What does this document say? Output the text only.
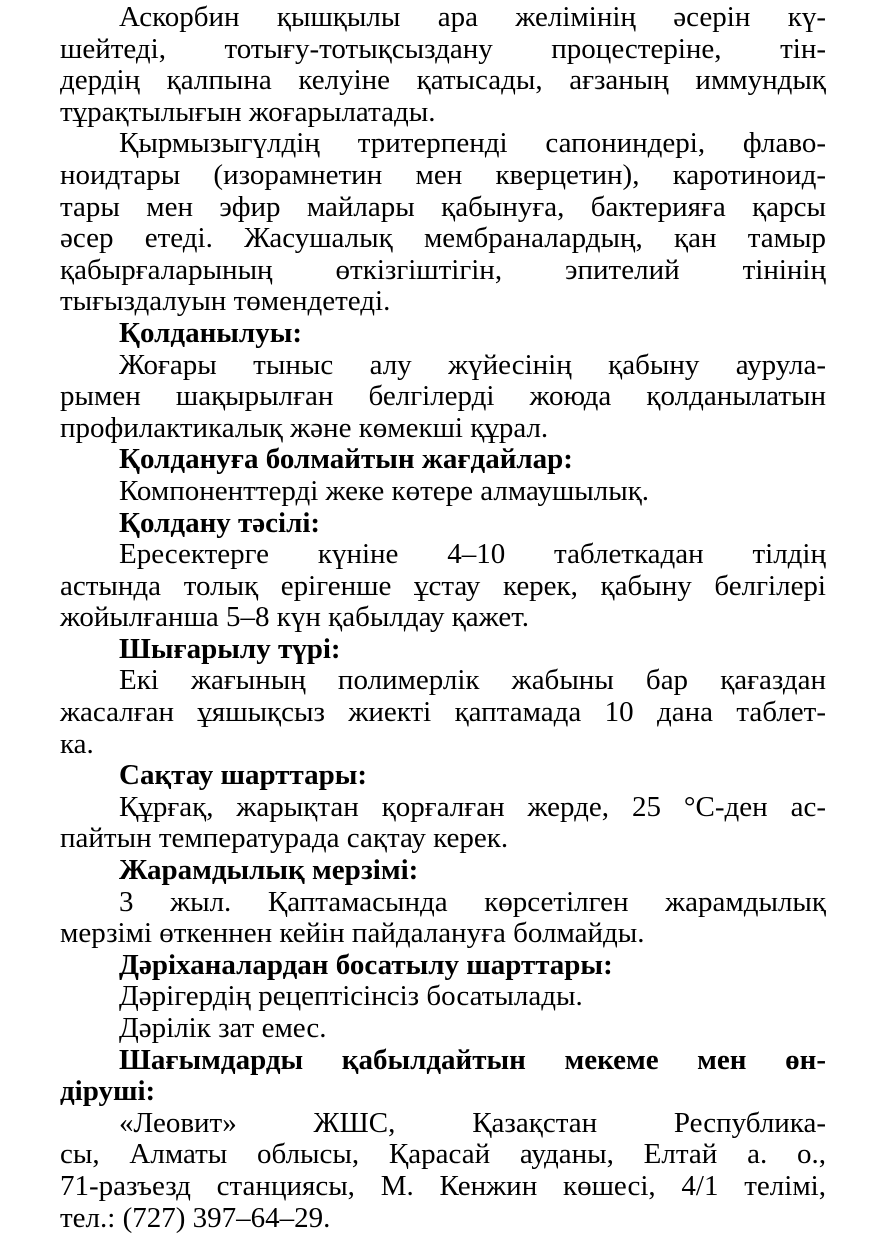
Аскорбин қышқылы ара желімінің әсерін кү-
шейтеді, тотығу-тотықсыздану процестеріне, тін-
дердің қалпына келуіне қатысады, ағзаның иммундық
тұрақтылығын жоғарылатады.

Қырмызыгүлдің тритерпенді сапониндері, флаво-
ноидтары (изорамнетин мен кверцетин), каротиноид-
тары мен эфир майлары қабынуға, бактерияға қарсы
әсер етеді. Жасушалық мембраналардың, қан тамыр
қабырғаларының өткізгіштігін, эпителий тінінің
тығыздалуын төмендетеді.

Қолданылуы:

Жоғары тыныс алу жүйесінің қабыну аурула-
рымен шақырылған белгілерді жоюда қолданылатын
профилактикалық және көмекші құрал.

Қолдануға болмайтын жағдайлар:

Компоненттерді жеке көтере алмаушылық.

Қолдану тәсілі:

Ересектерге күніне 4–10 таблеткадан тілдің
астында толық ерігенше ұстау керек, қабыну белгілері
жойылғанша 5–8 күн қабылдау қажет.

Шығарылу түрі:

Екі жағының полимерлік жабыны бар қағаздан
жасалған ұяшықсыз жиекті қаптамада 10 дана таблет-
ка.

Сақтау шарттары:

Құрғақ, жарықтан қорғалған жерде, 25 °С-ден ас-
пайтын температурада сақтау керек.

Жарамдылық мерзімі:

3 жыл. Қаптамасында көрсетілген жарамдылық
мерзімі өткеннен кейін пайдалануға болмайды.

Дәріханалардан босатылу шарттары:

Дәрігердің рецептісінсіз босатылады.

Дәрілік зат емес.

Шағымдарды қабылдайтын мекеме мен өн-
діруші:

«Леовит» ЖШС, Қазақстан Республика-
сы, Алматы облысы, Қарасай ауданы, Елтай а. о.,
71-разъезд станциясы, М. Кенжин көшесі, 4/1 телімі,
тел.: (727) 397–64–29.
